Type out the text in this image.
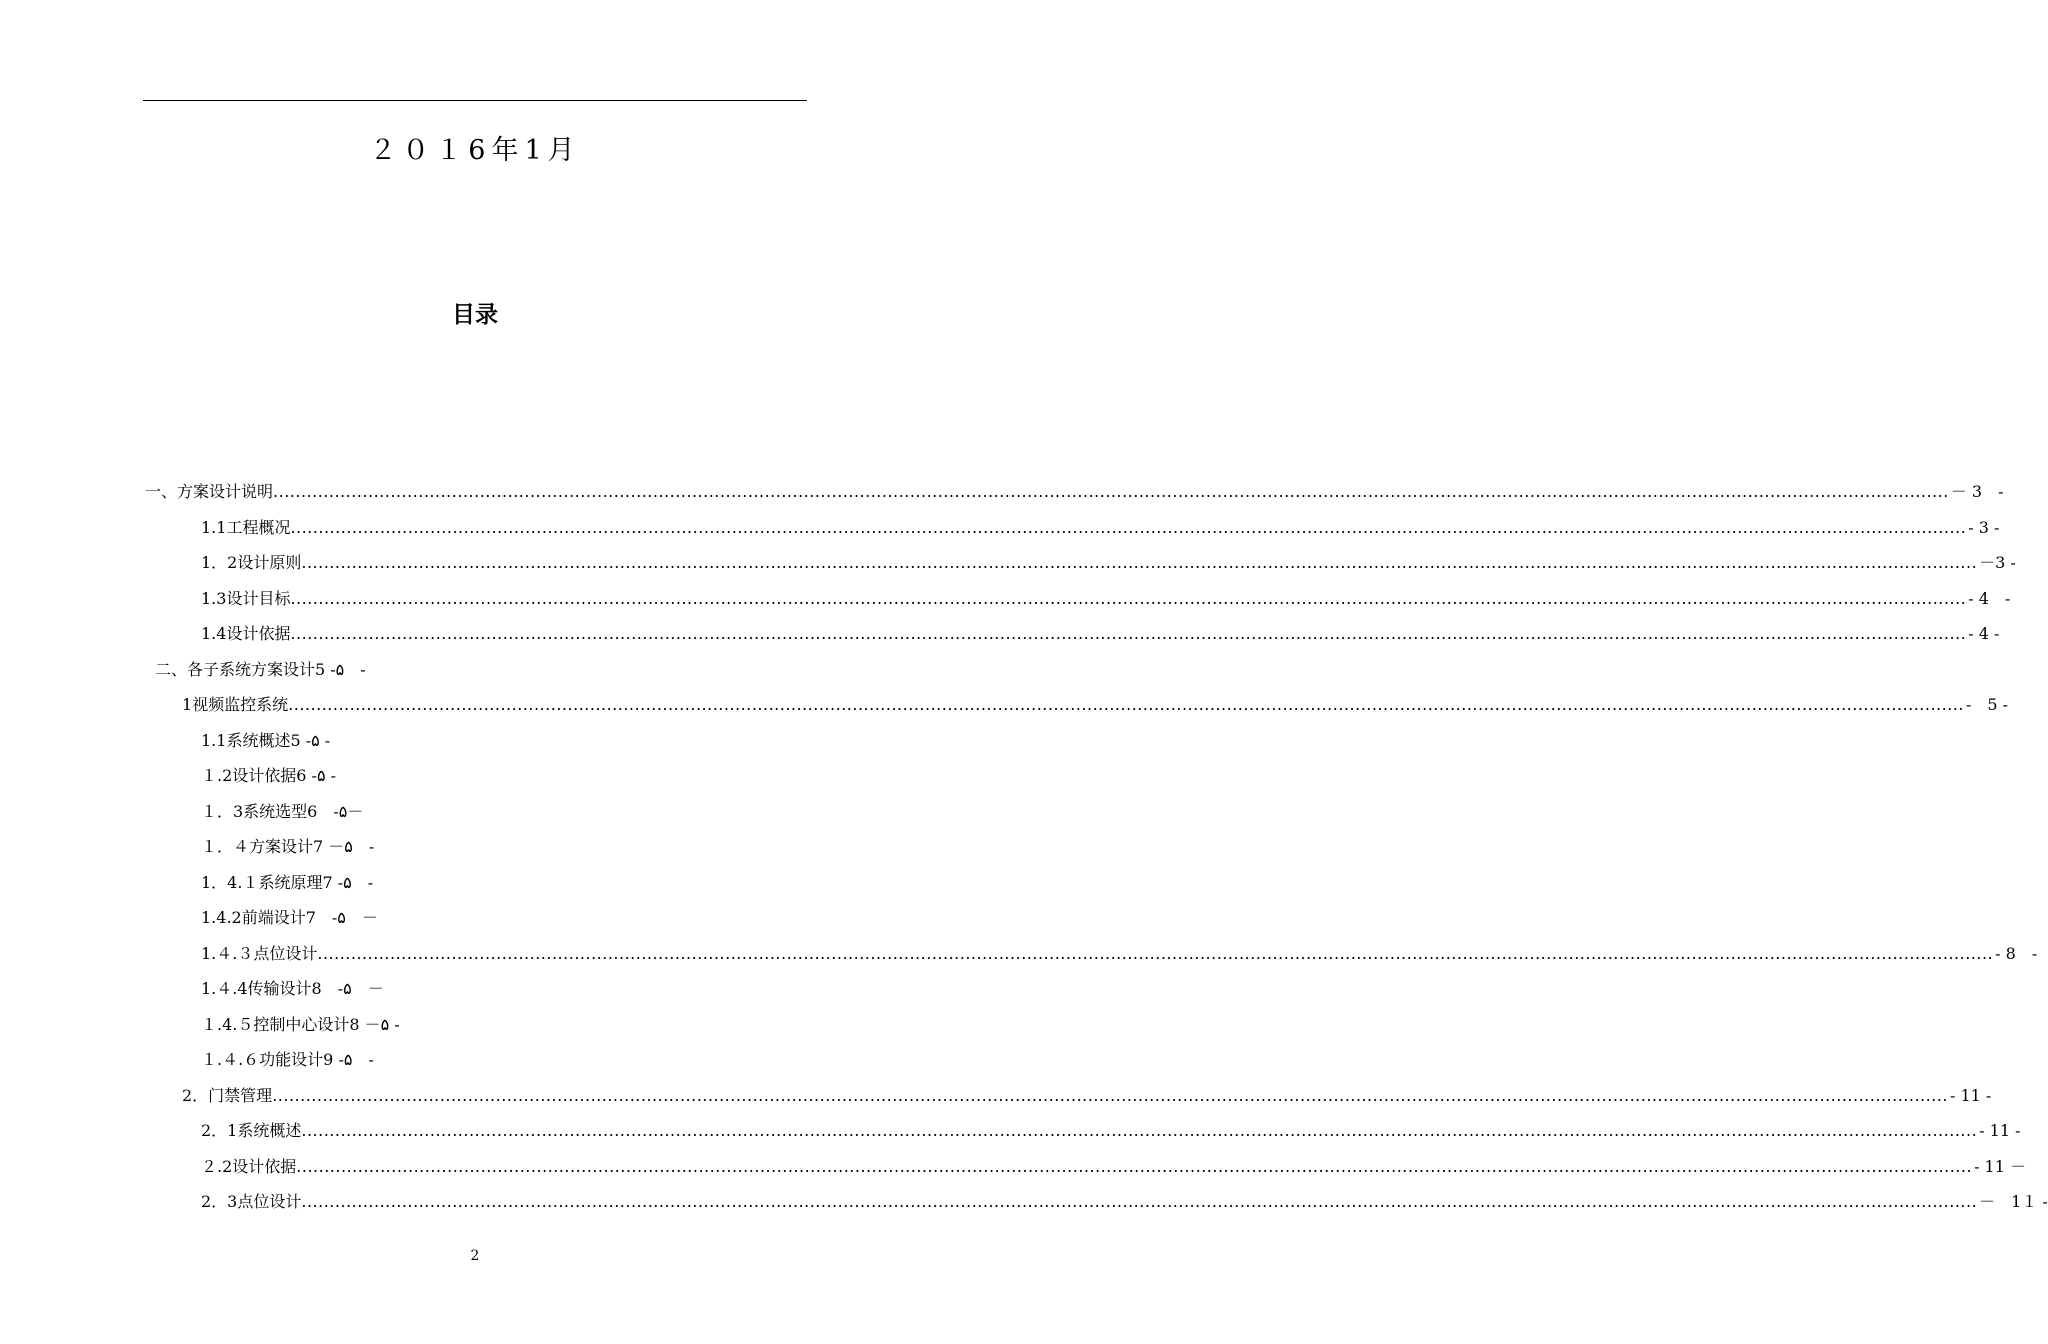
２０１6年1月
目录
一、方案设计说明 ............................................................................................................................................................................................................................................................................................................ － 3　-
1.1工程概况 ............................................................................................................................................................................................................................................................................................................ - 3 -
1．2设计原则 ............................................................................................................................................................................................................................................................................................................ －3 -
1.3设计目标 ............................................................................................................................................................................................................................................................................................................ - 4　-
1.4设计依据 ............................................................................................................................................................................................................................................................................................................ - 4 -
二、各子系统方案设计5 -۵　-
1视频监控系统 ............................................................................................................................................................................................................................................................................................................ -　5 -
1.1系统概述5 -۵ -
１.2设计依据6 -۵ -
１．3系统选型6　-۵－
１．４方案设计7 －۵　-
1．4.１系统原理7 -۵　-
1.4.2前端设计7　-۵　－
1.４.３点位设计 ............................................................................................................................................................................................................................................................................................................ - 8　-
1.４.4传输设计8　-۵　－
１.4.５控制中心设计8 －۵ -
１.４.６功能设计9 -۵　-
2．门禁管理 ............................................................................................................................................................................................................................................................................................................ - 11 -
2．1系统概述 ............................................................................................................................................................................................................................................................................................................ - 11 -
２.2设计依据 ............................................................................................................................................................................................................................................................................................................ - 11 －
2．3点位设计 ............................................................................................................................................................................................................................................................................................................ －　1１ -
2
